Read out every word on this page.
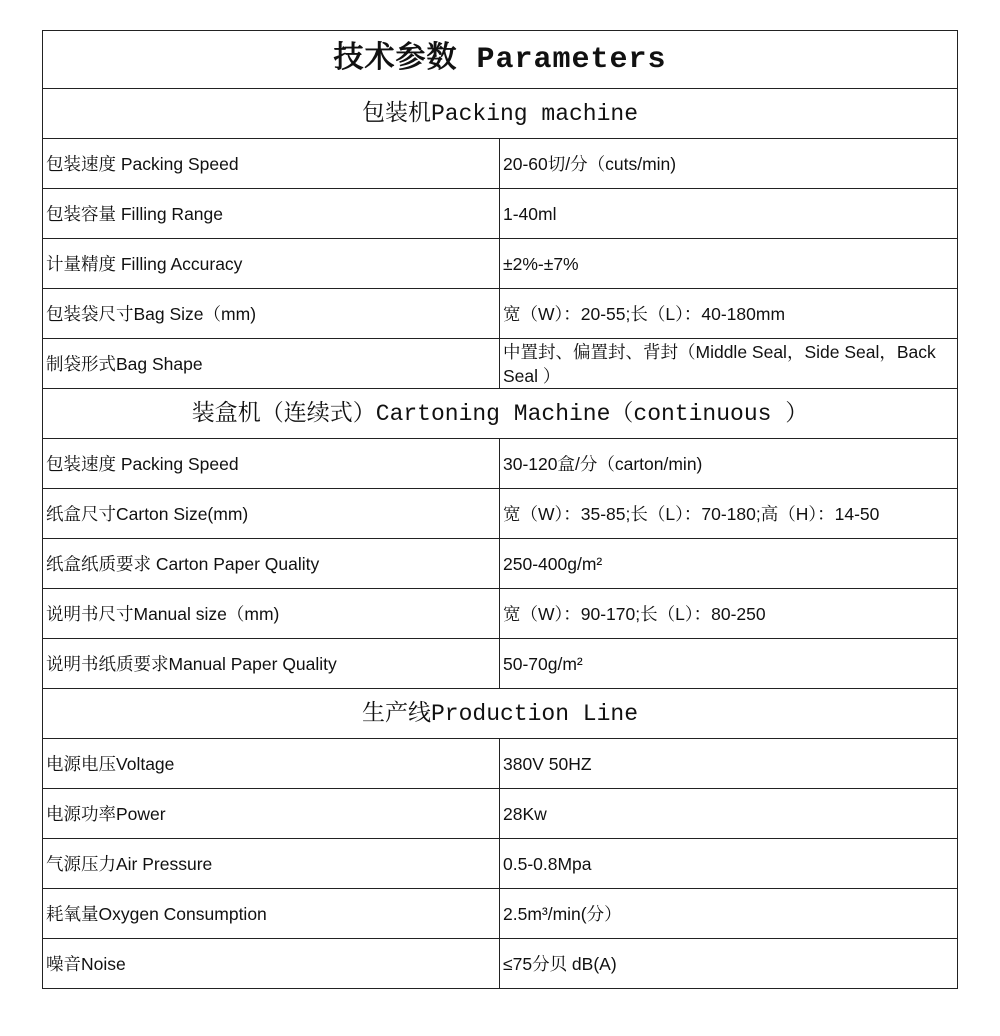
技术参数 Parameters	
包装机Packing machine	
包装速度 Packing Speed	20-60切/分（cuts/min)
包装容量 Filling Range	1-40ml
计量精度 Filling Accuracy	±2%-±7%
包装袋尺寸Bag Size（mm)	宽（W）：20-55;长（L）：40-180mm
制袋形式Bag Shape	中置封、偏置封、背封（Middle Seal，Side Seal，Back Seal ）
装盒机（连续式）Cartoning Machine（continuous ）	
包装速度 Packing Speed	30-120盒/分（carton/min)
纸盒尺寸Carton Size(mm)	宽（W）：35-85;长（L）：70-180;高（H）：14-50
纸盒纸质要求 Carton Paper Quality	250-400g/m²
说明书尺寸Manual size（mm)	宽（W）：90-170;长（L）：80-250
说明书纸质要求Manual Paper Quality	50-70g/m²
生产线Production Line	
电源电压Voltage	380V 50HZ
电源功率Power	28Kw
气源压力Air Pressure	0.5-0.8Mpa
耗氧量Oxygen Consumption	2.5m³/min(分）
噪音Noise	≤75分贝 dB(A)
